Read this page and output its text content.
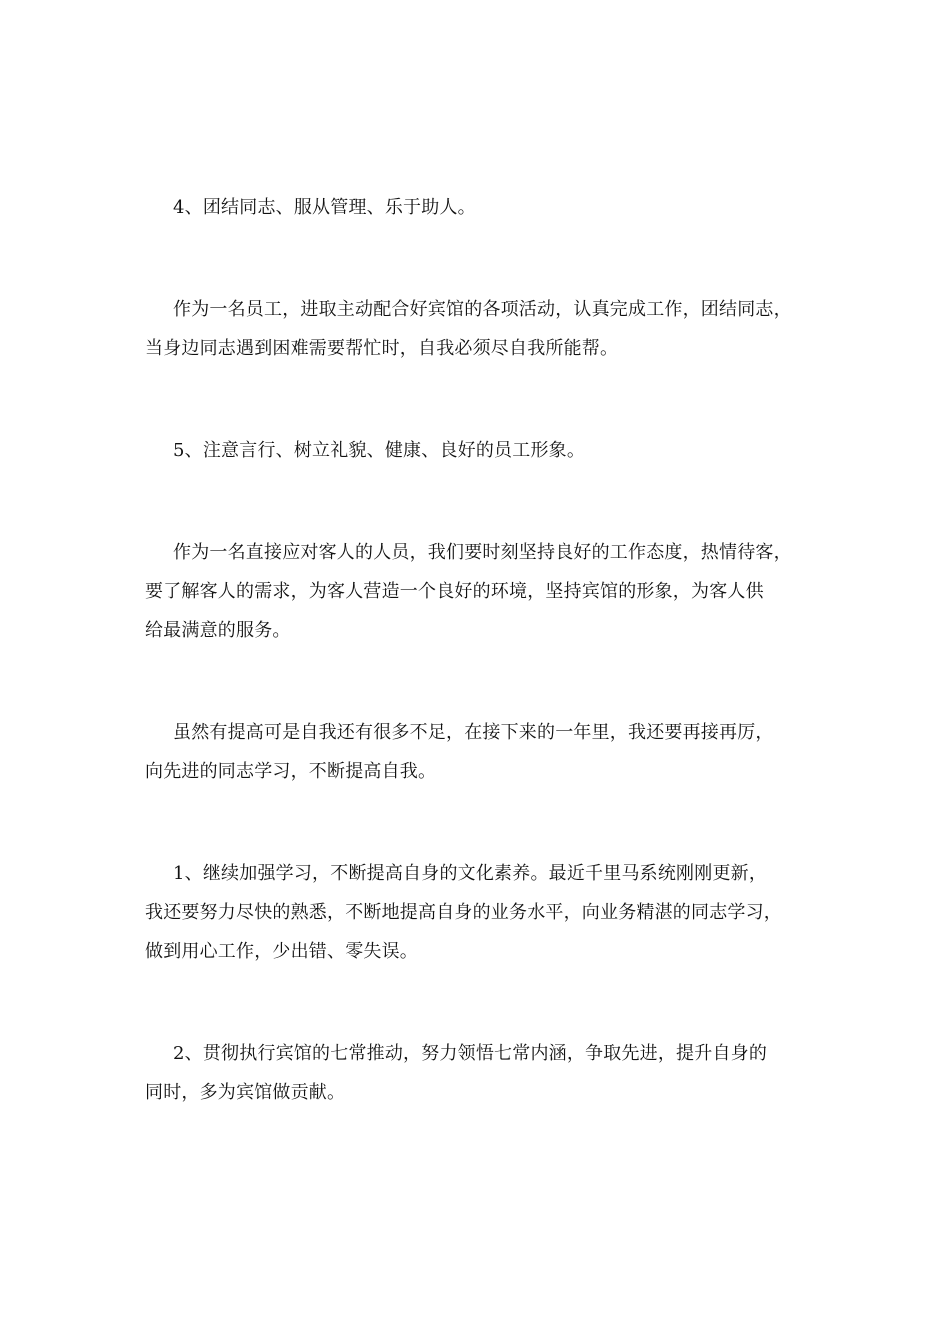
4、团结同志、服从管理、乐于助人。

作为一名员工，进取主动配合好宾馆的各项活动，认真完成工作，团结同志，
当身边同志遇到困难需要帮忙时，自我必须尽自我所能帮。

5、注意言行、树立礼貌、健康、良好的员工形象。

作为一名直接应对客人的人员，我们要时刻坚持良好的工作态度，热情待客，
要了解客人的需求，为客人营造一个良好的环境，坚持宾馆的形象，为客人供
给最满意的服务。

虽然有提高可是自我还有很多不足，在接下来的一年里，我还要再接再厉，
向先进的同志学习，不断提高自我。

1、继续加强学习，不断提高自身的文化素养。最近千里马系统刚刚更新，
我还要努力尽快的熟悉，不断地提高自身的业务水平，向业务精湛的同志学习，
做到用心工作，少出错、零失误。

2、贯彻执行宾馆的七常推动，努力领悟七常内涵，争取先进，提升自身的
同时，多为宾馆做贡献。
